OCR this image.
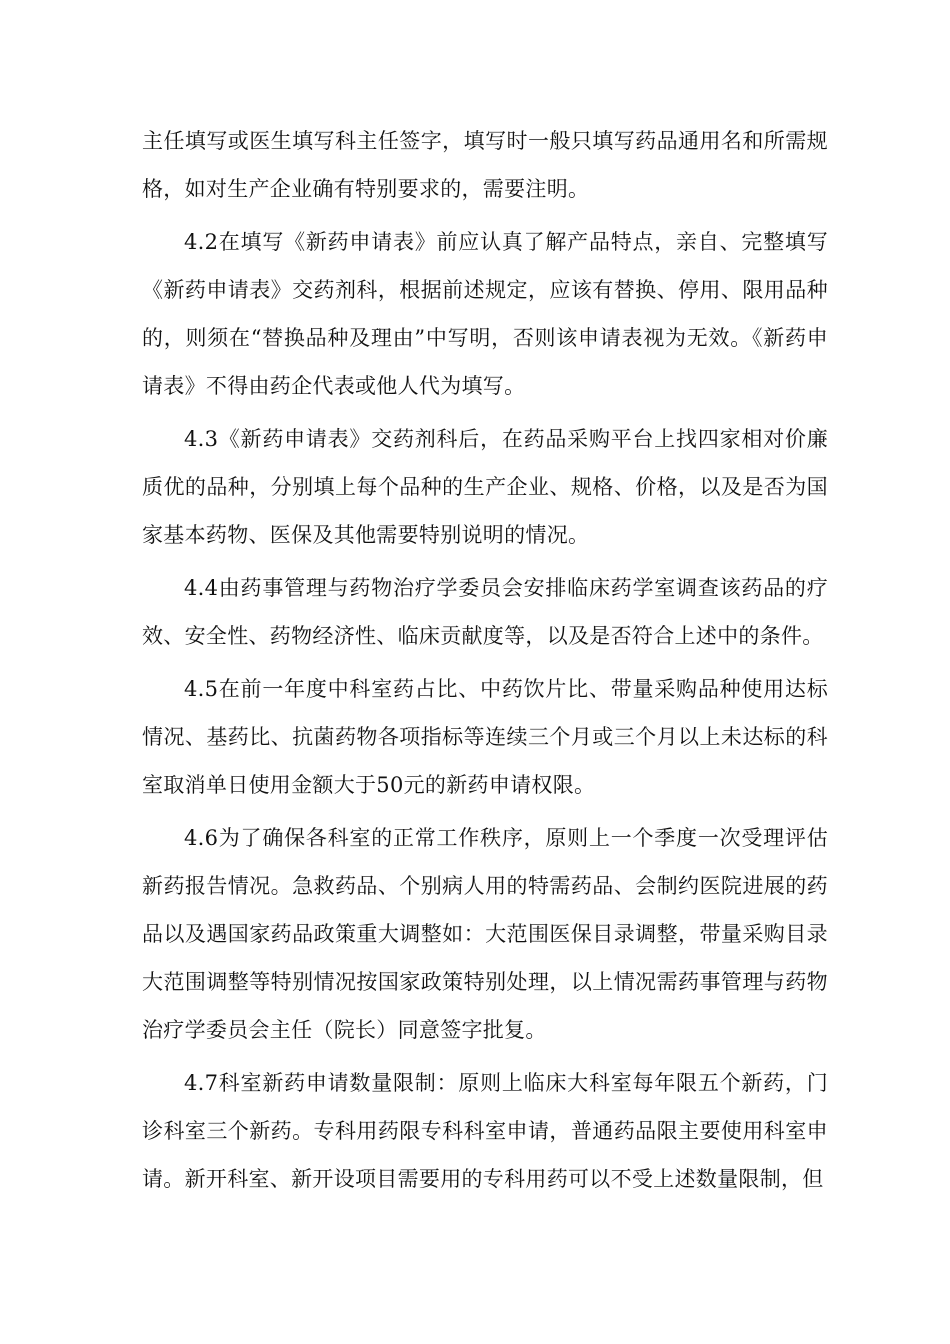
主任填写或医生填写科主任签字，填写时一般只填写药品通用名和所需规格，如对生产企业确有特别要求的，需要注明。

4.2在填写《新药申请表》前应认真了解产品特点，亲自、完整填写《新药申请表》交药剂科，根据前述规定，应该有替换、停用、限用品种的，则须在“替换品种及理由”中写明，否则该申请表视为无效。《新药申请表》不得由药企代表或他人代为填写。

4.3《新药申请表》交药剂科后，在药品采购平台上找四家相对价廉质优的品种，分别填上每个品种的生产企业、规格、价格，以及是否为国家基本药物、医保及其他需要特别说明的情况。

4.4由药事管理与药物治疗学委员会安排临床药学室调查该药品的疗效、安全性、药物经济性、临床贡献度等，以及是否符合上述中的条件。

4.5在前一年度中科室药占比、中药饮片比、带量采购品种使用达标情况、基药比、抗菌药物各项指标等连续三个月或三个月以上未达标的科室取消单日使用金额大于50元的新药申请权限。

4.6为了确保各科室的正常工作秩序，原则上一个季度一次受理评估新药报告情况。急救药品、个别病人用的特需药品、会制约医院进展的药品以及遇国家药品政策重大调整如：大范围医保目录调整，带量采购目录大范围调整等特别情况按国家政策特别处理，以上情况需药事管理与药物治疗学委员会主任（院长）同意签字批复。

4.7科室新药申请数量限制：原则上临床大科室每年限五个新药，门诊科室三个新药。专科用药限专科科室申请，普通药品限主要使用科室申请。新开科室、新开设项目需要用的专科用药可以不受上述数量限制，但
